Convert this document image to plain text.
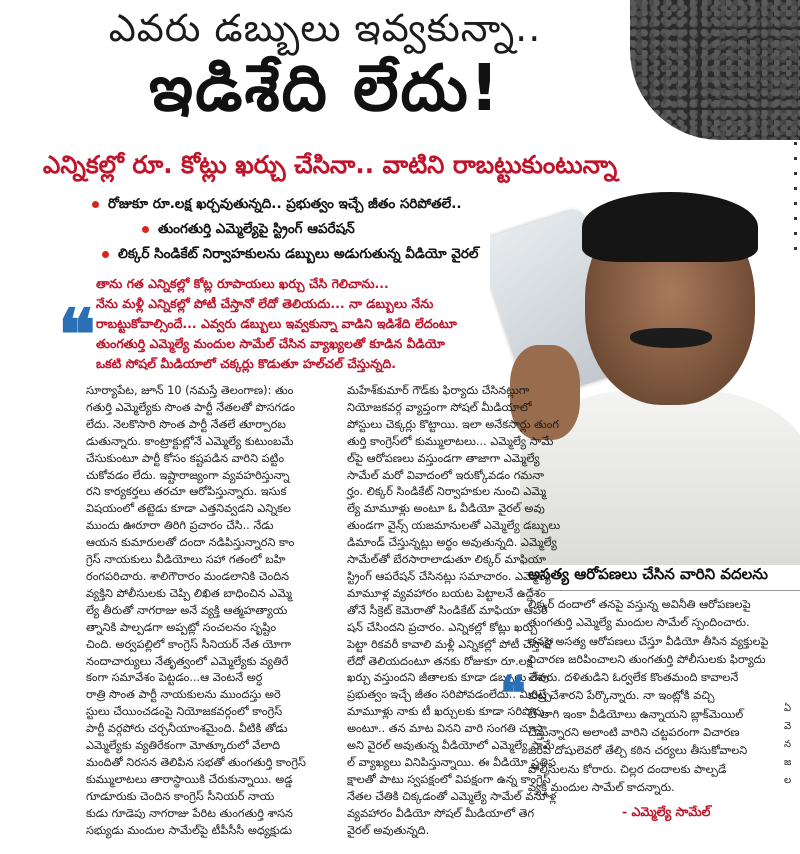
ఎవరు డబ్బులు ఇవ్వకున్నా..
ఇడిశేది లేదు!
ఎన్నికల్లో రూ. కోట్లు ఖర్చు చేసినా.. వాటిని రాబట్టుకుంటున్నా
రోజుకూ రూ.లక్ష ఖర్చవుతున్నది.. ప్రభుత్వం ఇచ్చే జీతం సరిపోతలే..
తుంగతుర్తి ఎమ్మెల్యేపై స్ట్రింగ్ ఆపరేషన్
లిక్కర్ సిండికేట్ నిర్వాహకులను డబ్బులు అడుగుతున్న వీడియో వైరల్
❝

తాను గత ఎన్నికల్లో కోట్ల రూపాయలు ఖర్చు చేసి గెలిచాను...

నేను మళ్లీ ఎన్నికల్లో పోటీ చేస్తానో లేదో తెలియదు... నా డబ్బులు నేను

రాబట్టుకోవాల్సిందే... ఎవ్వరు డబ్బులు ఇవ్వకున్నా వాడిని ఇడిశేది లేదంటూ

తుంగతుర్తి ఎమ్మెల్యే మందుల సామేల్ చేసిన వ్యాఖ్యలతో కూడిన వీడియో

ఒకటి సోషల్ మీడియాలో చక్కర్లు కొడుతూ హల్‌చల్ చేస్తున్నది.

సూర్యాపేట, జూన్ 10 (నమస్తే తెలంగాణ): తుం

గతుర్తి ఎమ్మెల్యేకు సొంత పార్టీ నేతలతో పొసగడం

లేదు. నెలకొసారి సొంత పార్టీ నేతలే తూర్పారబ

డుతున్నారు. కాంట్రాక్టుల్లోనే ఎమ్మెల్యే కుటుంబమే

చేసుకుంటూ పార్టీ కోసం కష్టపడిన వారిని పట్టిం

చుకోవడం లేదు. ఇష్టారాజ్యంగా వ్యవహరిస్తున్నా

రని కార్యకర్తలు తరచూ ఆరోపిస్తున్నారు. ఇసుక

విషయంలో తట్టెడు కూడా ఎత్తనివ్వడని ఎన్నికల

ముందు ఊరూరా తిరిగి ప్రచారం చేసి.. నేడు

ఆయన కుమారులతో దందా నడిపిస్తున్నారని కాం

గ్రెస్ నాయకులు వీడియోలు సహా గతంలో బహి

రంగపరిచారు. శాలిగౌరారం మండలానికి చెందిన

వ్యక్తిని పోలీసులకు చెప్పి లిఖిత బాధించిన ఎమ్మె

ల్యే తీరుతో నాగరాజు అనే వ్యక్తి ఆత్మహత్యాయ

త్నానికి పాల్పడగా అప్పట్లో సంచలనం సృష్టిం

చింది. అర్వపల్లిలో కాంగ్రెస్ సీనియర్ నేత యోగా

నందాచార్యులు నేతృత్వంలో ఎమ్మెల్యేకు వ్యతిరే

కంగా సమావేశం పెట్టడం...ఆ వెంటనే అర్ధ

రాత్రి సొంత పార్టీ నాయకులను ముందస్తు అరె

స్టులు చేయించడంపై నియోజకవర్గంలో కాంగ్రెస్

పార్టీ వర్గపోరు చర్చనీయాంశమైంది. వీటికి తోడు

ఎమ్మెల్యేకు వ్యతిరేకంగా మోత్కూరులో వేలాది

మందితో నిరసన తెలిపిన సభతో తుంగతుర్తి కాంగ్రెస్

కుమ్ములాటలు తారాస్థాయికి చేరుకున్నాయి. అడ్డ

గూడూరుకు చెందిన కాంగ్రెస్ సీనియర్ నాయ

కుడు గూడెపు నాగరాజు పేరిట తుంగతుర్తి శాసన

సభ్యుడు మందుల సామేల్‌పై టీపీసీసీ అధ్యక్షుడు

మహేశ్‌కుమార్ గౌడ్‌కు ఫిర్యాదు చేసినట్లుగా

నియోజకవర్గ వ్యాప్తంగా సోషల్ మీడియాలో

పోస్టులు చెక్కర్లు కొట్టాయి. ఇలా అనేకసార్లు తుంగ

తుర్తి కాంగ్రెస్‌లో కుమ్ములాటలు... ఎమ్మెల్యే సామే

ల్‌పై ఆరోపణలు వస్తుండగా తాజాగా ఎమ్మెల్యే

సామేల్ మరో వివాదంలో ఇరుక్కోవడం గమనా

ర్హం. లిక్కర్ సిండికేట్ నిర్వాహకుల నుంచి ఎమ్మె

ల్యే మామూళ్లు అంటూ ఓ వీడియో వైరల్ అవు

తుండగా వైన్స్ యజమానులతో ఎమ్మెల్యే డబ్బులు

డిమాండ్ చేస్తున్నట్లు అర్థం అవుతున్నది. ఎమ్మెల్యే

సామేల్‌తో బేరసారాలాడుతూ లిక్కర్ మాఫియా

స్ట్రింగ్ ఆపరేషన్ చేసినట్లు సమాచారం. ఎమ్మెల్యే

మామూళ్ల వ్యవహారం బయట పెట్టాలనే ఉద్దేశం

తోనే సీక్రెట్ కెమెరాతో సిండికేట్ మాఫియా ఆపరే

షన్ చేసిందని ప్రచారం. ఎన్నికల్లో కోట్లు ఖర్చు

పెట్టా రికవరీ కావాలి మళ్లీ ఎన్నికల్లో పోటీ చేస్తానో

లేదో తెలియదంటూ తనకు రోజుకూ రూ.లక్ష

ఖర్చు వస్తుందని జీతాలకు కూడా డబ్బులు లేవు

ప్రభుత్వం ఇచ్చే జీతం సరిపోవడంలేదు.. మీరిచ్చే

మామూళ్లు నాకు టీ ఖర్చులకు కూడా సరిపోవు

అంటూ.. తన మాట వినని వారి సంగతి చూస్తా

అని వైరల్ అవుతున్న వీడియోలో ఎమ్మెల్యే సామే

ల్ వ్యాఖ్యలు వినిపిస్తున్నాయి. ఈ వీడియో ప్రతిప

క్షాలతో పాటు స్వపక్షంలో విపక్షంగా ఉన్న కాంగ్రెస్

నేతల చేతికి చిక్కడంతో ఎమ్మెల్యే సామేల్ వసూళ్ల

వ్యవహారం వీడియో సోషల్ మీడియాలో తెగ

వైరల్ అవుతున్నది.

అసత్య ఆరోపణలు చేసిన వారిని వదలను
❝

లిక్కర్ దందాలో తనపై వస్తున్న అవినీతి ఆరోపణలపై

తుంగతుర్తి ఎమ్మెల్యే మందుల సామేల్ స్పందించారు.

తనపై అసత్య ఆరోపణలు చేస్తూ వీడియో తీసిన వ్యక్తులపై

విచారణ జరిపించాలని తుంగతుర్తి పోలీసులకు ఫిర్యాదు

చేశారు. దళితుడిని ఓర్వలేక కొంతమంది కావాలనే

కుట్ర చేశారని పేర్కొన్నారు. నా ఇంట్లోకి వచ్చి

టీ తాగి ఇంకా వీడియోలు ఉన్నాయని బ్లాక్‌మెయిల్

చేస్తున్నారని అలాంటి వారిని చట్టపరంగా విచారణ

జరిపి దోషులెవరో తేల్చి కఠిన చర్యలు తీసుకోవాలని

పోలీసులను కోరారు. చిల్లర దందాలకు పాల్పడే

వ్యక్తి మందుల సామేల్ కాదన్నారు.

- ఎమ్మెల్యే సామేల్
ఏ
వె
న
జ
ల
